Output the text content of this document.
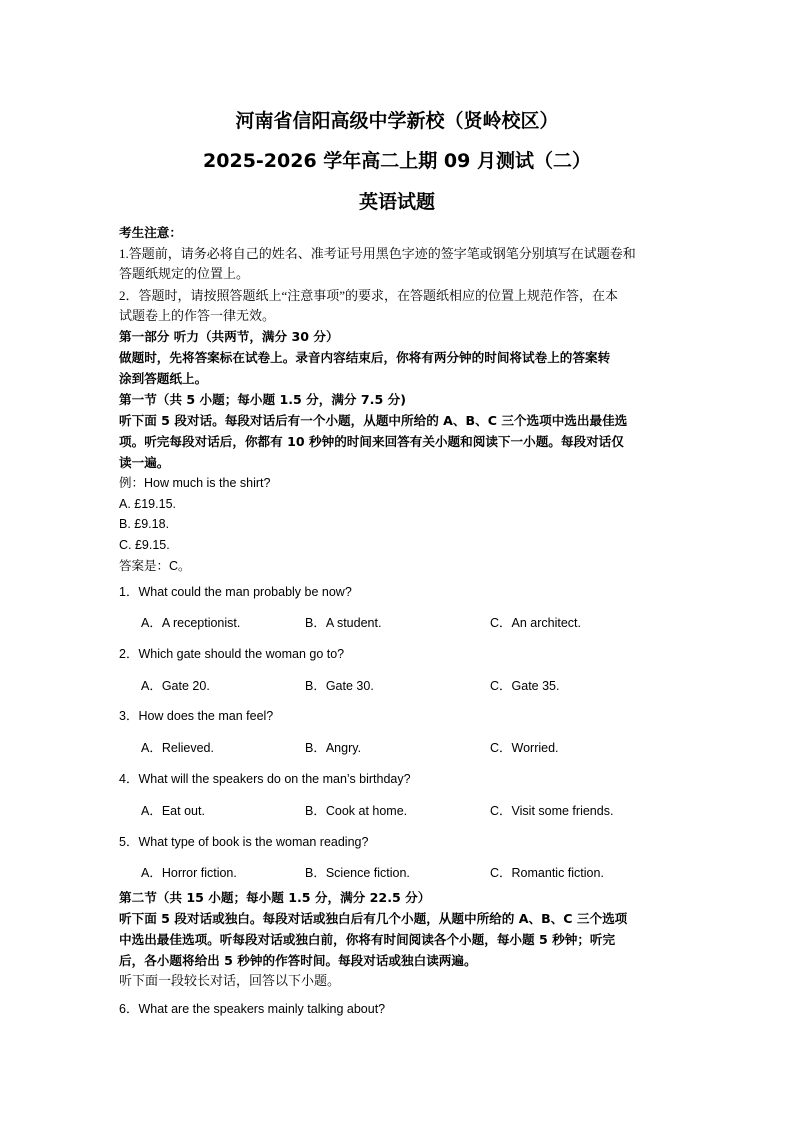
河南省信阳高级中学新校（贤岭校区）
2025-2026 学年高二上期 09 月测试（二）
英语试题
考生注意：
1.答题前，请务必将自己的姓名、准考证号用黑色字迹的签字笔或钢笔分别填写在试题卷和
答题纸规定的位置上。
2．答题时，请按照答题纸上“注意事项”的要求，在答题纸相应的位置上规范作答，在本
试题卷上的作答一律无效。
第一部分 听力（共两节，满分 30 分）
做题时，先将答案标在试卷上。录音内容结束后，你将有两分钟的时间将试卷上的答案转
涂到答题纸上。
第一节（共 5 小题；每小题 1.5 分，满分 7.5 分)
听下面 5 段对话。每段对话后有一个小题，从题中所给的 A、B、C 三个选项中选出最佳选
项。听完每段对话后，你都有 10 秒钟的时间来回答有关小题和阅读下一小题。每段对话仅
读一遍。
例：How much is the shirt?
A. £19.15.
B. £9.18.
C. £9.15.
答案是：C。
1．What could the man probably be now?
A．A receptionist.	B．A student.	C．An architect.
2．Which gate should the woman go to?
A．Gate 20.	B．Gate 30.	C．Gate 35.
3．How does the man feel?
A．Relieved.	B．Angry.	C．Worried.
4．What will the speakers do on the man’s birthday?
A．Eat out.	B．Cook at home.	C．Visit some friends.
5．What type of book is the woman reading?
A．Horror fiction.	B．Science fiction.	C．Romantic fiction.
第二节（共 15 小题；每小题 1.5 分，满分 22.5 分）
听下面 5 段对话或独白。每段对话或独白后有几个小题，从题中所给的 A、B、C 三个选项
中选出最佳选项。听每段对话或独白前，你将有时间阅读各个小题，每小题 5 秒钟；听完
后，各小题将给出 5 秒钟的作答时间。每段对话或独白读两遍。
听下面一段较长对话，回答以下小题。
6．What are the speakers mainly talking about?
